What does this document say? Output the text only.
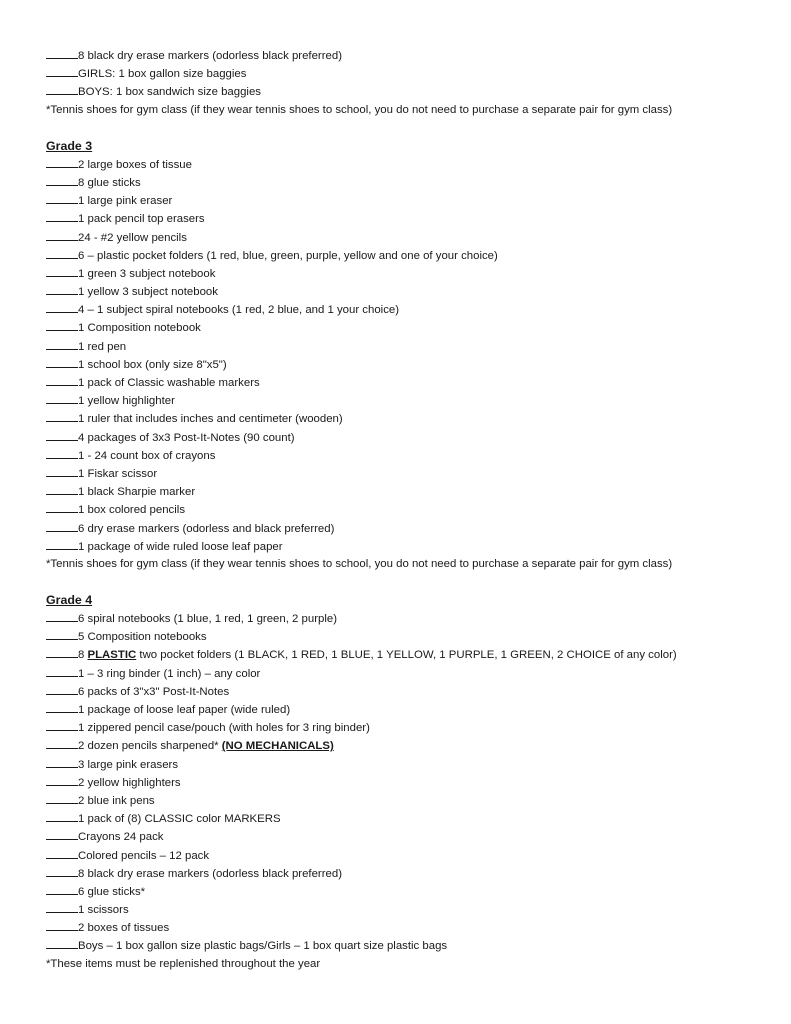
8 black dry erase markers (odorless black preferred)
GIRLS: 1 box gallon size baggies
BOYS: 1 box sandwich size baggies
*Tennis shoes for gym class (if they wear tennis shoes to school, you do not need to purchase a separate pair for gym class)
Grade 3
2 large boxes of tissue
8 glue sticks
1 large pink eraser
1 pack pencil top erasers
24 - #2 yellow pencils
6 – plastic pocket folders (1 red, blue, green, purple, yellow and one of your choice)
1 green 3 subject notebook
1 yellow 3 subject notebook
4 – 1 subject spiral notebooks (1 red, 2 blue, and 1 your choice)
1 Composition notebook
1 red pen
1 school box (only size 8"x5")
1 pack of Classic washable markers
1 yellow highlighter
1 ruler that includes inches and centimeter (wooden)
4 packages of 3x3 Post-It-Notes (90 count)
1 - 24 count box of crayons
1 Fiskar scissor
1 black Sharpie marker
1 box colored pencils
6 dry erase markers (odorless and black preferred)
1 package of wide ruled loose leaf paper
*Tennis shoes for gym class (if they wear tennis shoes to school, you do not need to purchase a separate pair for gym class)
Grade 4
6 spiral notebooks (1 blue, 1 red, 1 green, 2 purple)
5 Composition notebooks
8 PLASTIC two pocket folders (1 BLACK, 1 RED, 1 BLUE, 1 YELLOW, 1 PURPLE, 1 GREEN, 2 CHOICE of any color)
1 – 3 ring binder (1 inch) – any color
6 packs of 3"x3" Post-It-Notes
1 package of loose leaf paper (wide ruled)
1 zippered pencil case/pouch (with holes for 3 ring binder)
2 dozen pencils sharpened* (NO MECHANICALS)
3 large pink erasers
2 yellow highlighters
2 blue ink pens
1 pack of (8) CLASSIC color MARKERS
Crayons 24 pack
Colored pencils – 12 pack
8 black dry erase markers (odorless black preferred)
6 glue sticks*
1 scissors
2 boxes of tissues
Boys – 1 box gallon size plastic bags/Girls – 1 box quart size plastic bags
*These items must be replenished throughout the year
